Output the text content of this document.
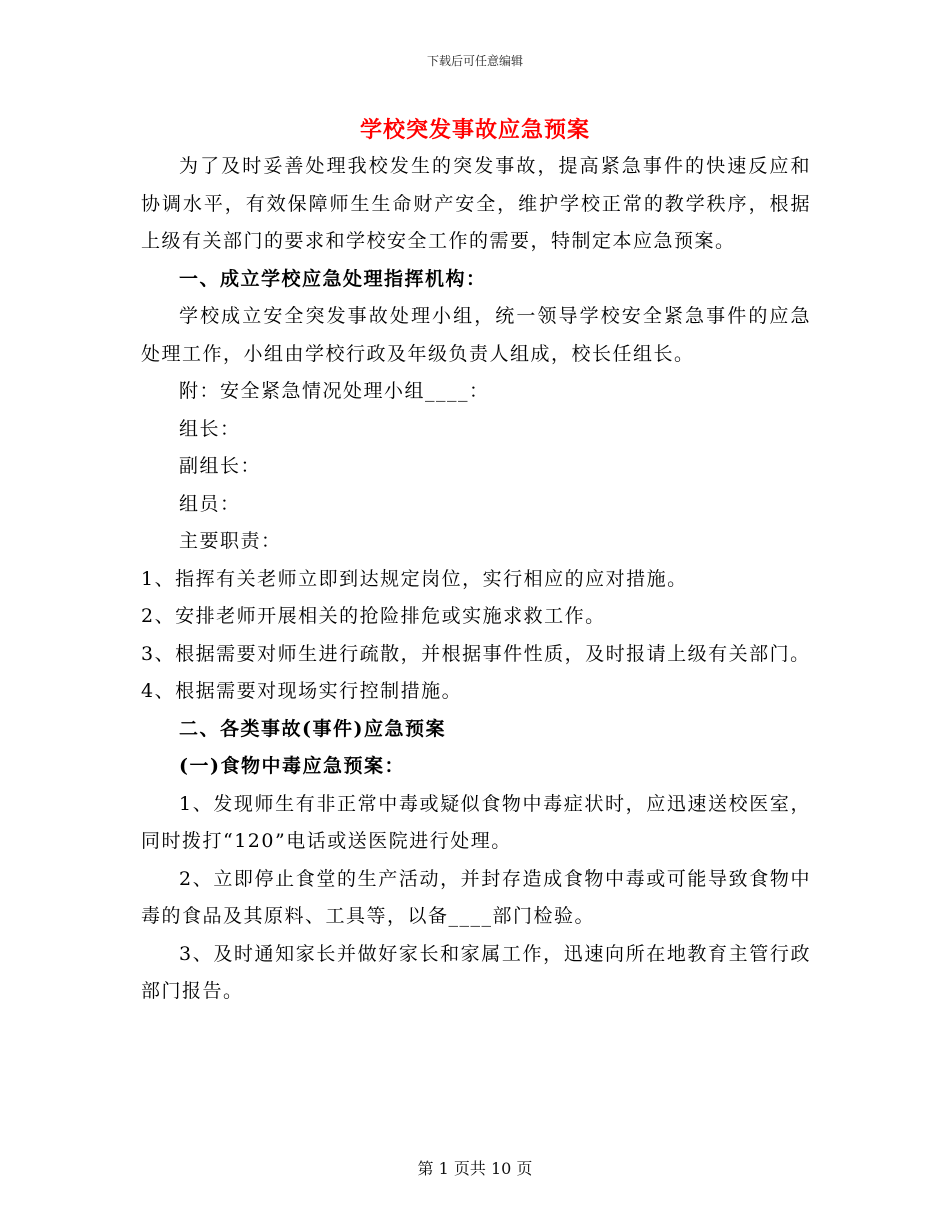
下载后可任意编辑
学校突发事故应急预案

为了及时妥善处理我校发生的突发事故，提高紧急事件的快速反应和协调水平，有效保障师生生命财产安全，维护学校正常的教学秩序，根据上级有关部门的要求和学校安全工作的需要，特制定本应急预案。

一、成立学校应急处理指挥机构：

学校成立安全突发事故处理小组，统一领导学校安全紧急事件的应急处理工作，小组由学校行政及年级负责人组成，校长任组长。

附：安全紧急情况处理小组____：

组长：

副组长：

组员：

主要职责：

1、指挥有关老师立即到达规定岗位，实行相应的应对措施。

2、安排老师开展相关的抢险排危或实施求救工作。

3、根据需要对师生进行疏散，并根据事件性质，及时报请上级有关部门。

4、根据需要对现场实行控制措施。

二、各类事故(事件)应急预案

(一)食物中毒应急预案：

1、发现师生有非正常中毒或疑似食物中毒症状时，应迅速送校医室，同时拨打“120”电话或送医院进行处理。

2、立即停止食堂的生产活动，并封存造成食物中毒或可能导致食物中毒的食品及其原料、工具等，以备____部门检验。

3、及时通知家长并做好家长和家属工作，迅速向所在地教育主管行政部门报告。

第 1 页共 10 页
